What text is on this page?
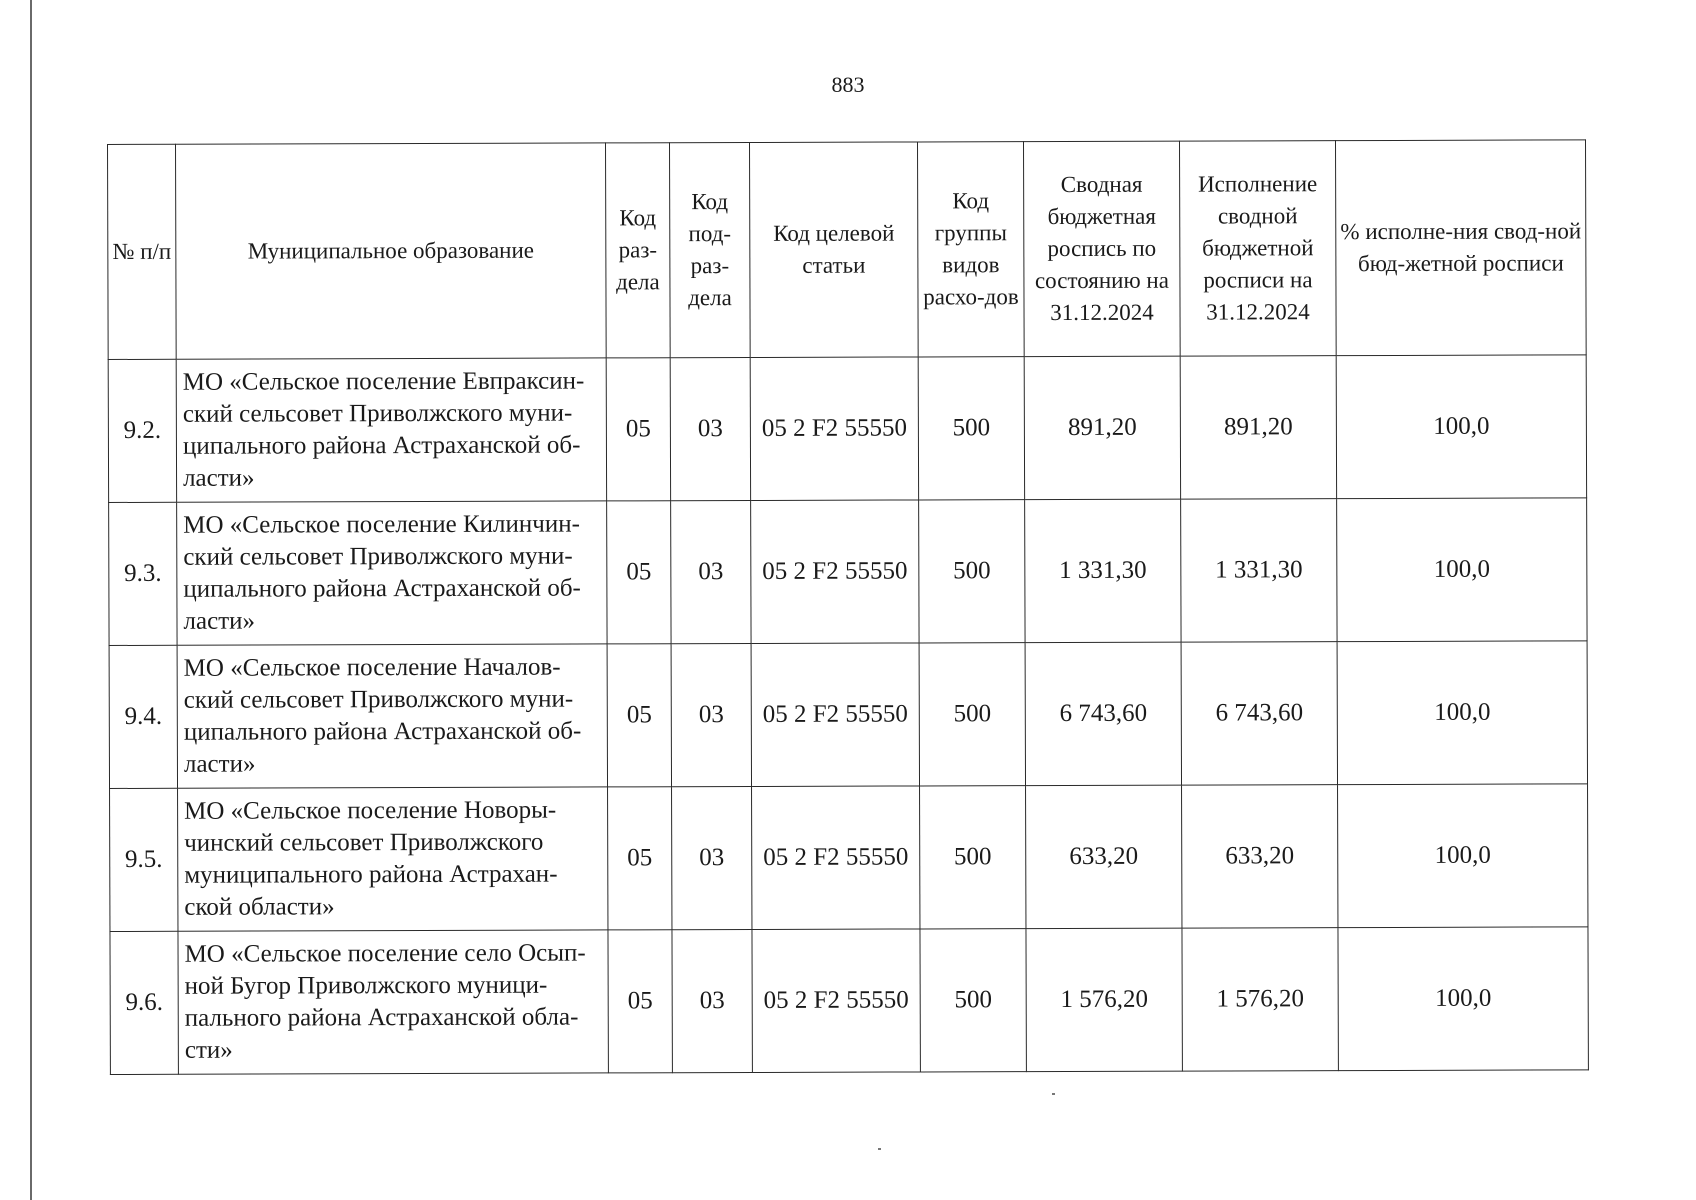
883
№ п/п	Муниципальное образование	Код раз-дела	Код под-раз-дела	Код целевой статьи	Код группы видов расхо-дов	Сводная бюджетная роспись по состоянию на 31.12.2024	Исполнение сводной бюджетной росписи на 31.12.2024	% исполне-ния свод-ной бюд-жетной росписи
9.2.	МО «Сельское поселение Евпраксин-ский сельсовет Приволжского муни-ципального района Астраханской об-ласти»	05	03	05 2 F2 55550	500	891,20	891,20	100,0
9.3.	МО «Сельское поселение Килинчин-ский сельсовет Приволжского муни-ципального района Астраханской об-ласти»	05	03	05 2 F2 55550	500	1 331,30	1 331,30	100,0
9.4.	МО «Сельское поселение Началов-ский сельсовет Приволжского муни-ципального района Астраханской об-ласти»	05	03	05 2 F2 55550	500	6 743,60	6 743,60	100,0
9.5.	МО «Сельское поселение Новоры-чинский сельсовет Приволжского муниципального района Астрахан-ской области»	05	03	05 2 F2 55550	500	633,20	633,20	100,0
9.6.	МО «Сельское поселение село Осып-ной Бугор Приволжского муници-пального района Астраханской обла-сти»	05	03	05 2 F2 55550	500	1 576,20	1 576,20	100,0
